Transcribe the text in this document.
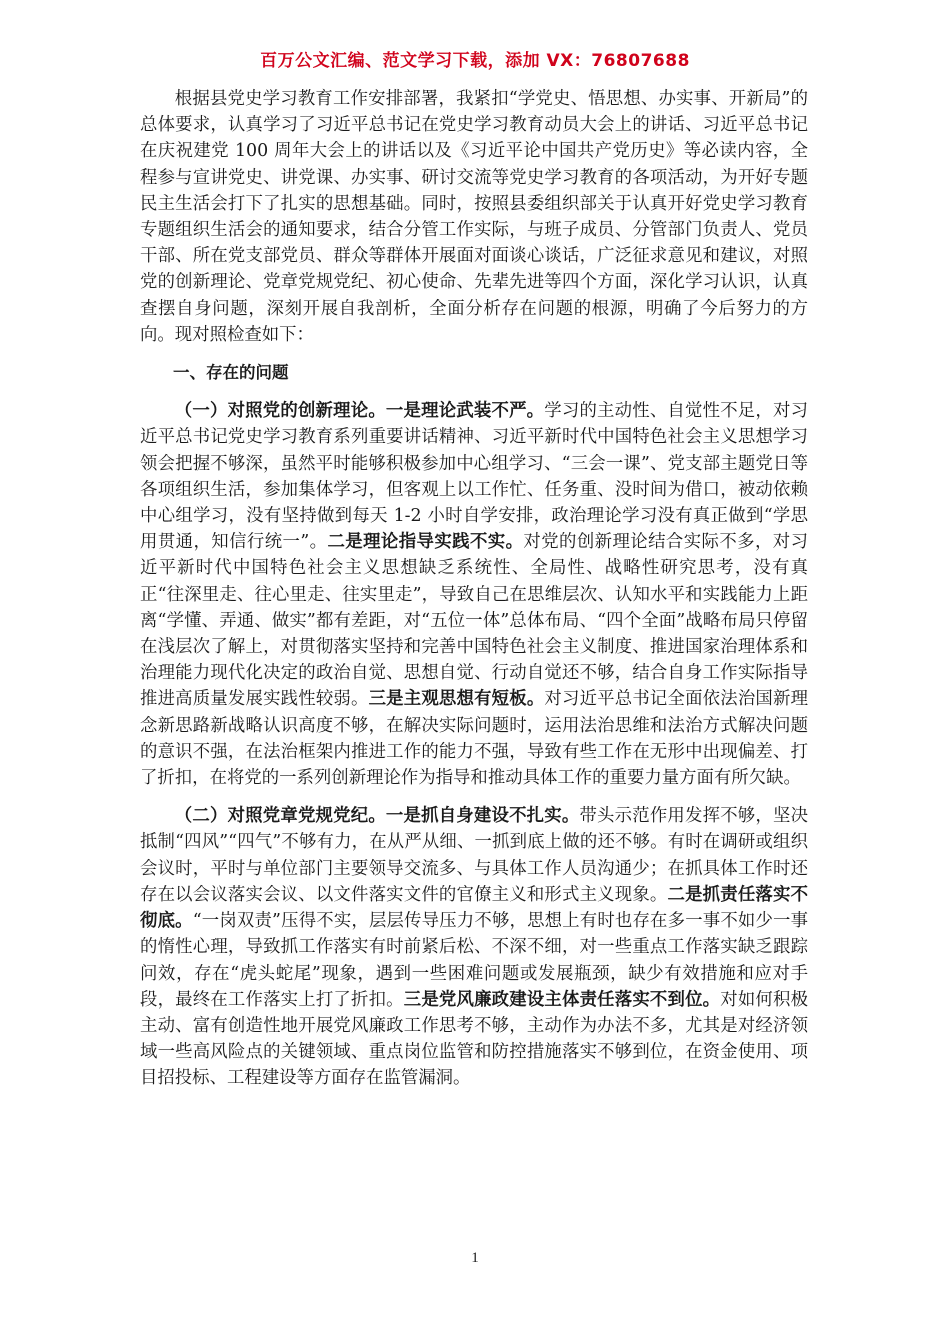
百万公文汇编、范文学习下载，添加 VX：76807688

根据县党史学习教育工作安排部署，我紧扣“学党史、悟思想、办实事、开新局”的总体要求，认真学习了习近平总书记在党史学习教育动员大会上的讲话、习近平总书记在庆祝建党 100 周年大会上的讲话以及《习近平论中国共产党历史》等必读内容，全程参与宣讲党史、讲党课、办实事、研讨交流等党史学习教育的各项活动，为开好专题民主生活会打下了扎实的思想基础。同时，按照县委组织部关于认真开好党史学习教育专题组织生活会的通知要求，结合分管工作实际，与班子成员、分管部门负责人、党员干部、所在党支部党员、群众等群体开展面对面谈心谈话，广泛征求意见和建议，对照党的创新理论、党章党规党纪、初心使命、先辈先进等四个方面，深化学习认识，认真查摆自身问题，深刻开展自我剖析，全面分析存在问题的根源，明确了今后努力的方向。现对照检查如下：

一、存在的问题

（一）对照党的创新理论。一是理论武装不严。学习的主动性、自觉性不足，对习近平总书记党史学习教育系列重要讲话精神、习近平新时代中国特色社会主义思想学习领会把握不够深，虽然平时能够积极参加中心组学习、“三会一课”、党支部主题党日等各项组织生活，参加集体学习，但客观上以工作忙、任务重、没时间为借口，被动依赖中心组学习，没有坚持做到每天 1-2 小时自学安排，政治理论学习没有真正做到“学思用贯通，知信行统一”。二是理论指导实践不实。对党的创新理论结合实际不多，对习近平新时代中国特色社会主义思想缺乏系统性、全局性、战略性研究思考，没有真正“往深里走、往心里走、往实里走”，导致自己在思维层次、认知水平和实践能力上距离“学懂、弄通、做实”都有差距，对“五位一体”总体布局、“四个全面”战略布局只停留在浅层次了解上，对贯彻落实坚持和完善中国特色社会主义制度、推进国家治理体系和治理能力现代化决定的政治自觉、思想自觉、行动自觉还不够，结合自身工作实际指导推进高质量发展实践性较弱。三是主观思想有短板。对习近平总书记全面依法治国新理念新思路新战略认识高度不够，在解决实际问题时，运用法治思维和法治方式解决问题的意识不强，在法治框架内推进工作的能力不强，导致有些工作在无形中出现偏差、打了折扣，在将党的一系列创新理论作为指导和推动具体工作的重要力量方面有所欠缺。

（二）对照党章党规党纪。一是抓自身建设不扎实。带头示范作用发挥不够，坚决抵制“四风”“四气”不够有力，在从严从细、一抓到底上做的还不够。有时在调研或组织会议时，平时与单位部门主要领导交流多、与具体工作人员沟通少；在抓具体工作时还存在以会议落实会议、以文件落实文件的官僚主义和形式主义现象。二是抓责任落实不彻底。“一岗双责”压得不实，层层传导压力不够，思想上有时也存在多一事不如少一事的惰性心理，导致抓工作落实有时前紧后松、不深不细，对一些重点工作落实缺乏跟踪问效，存在“虎头蛇尾”现象，遇到一些困难问题或发展瓶颈，缺少有效措施和应对手段，最终在工作落实上打了折扣。三是党风廉政建设主体责任落实不到位。对如何积极主动、富有创造性地开展党风廉政工作思考不够，主动作为办法不多，尤其是对经济领域一些高风险点的关键领域、重点岗位监管和防控措施落实不够到位，在资金使用、项目招投标、工程建设等方面存在监管漏洞。

1
